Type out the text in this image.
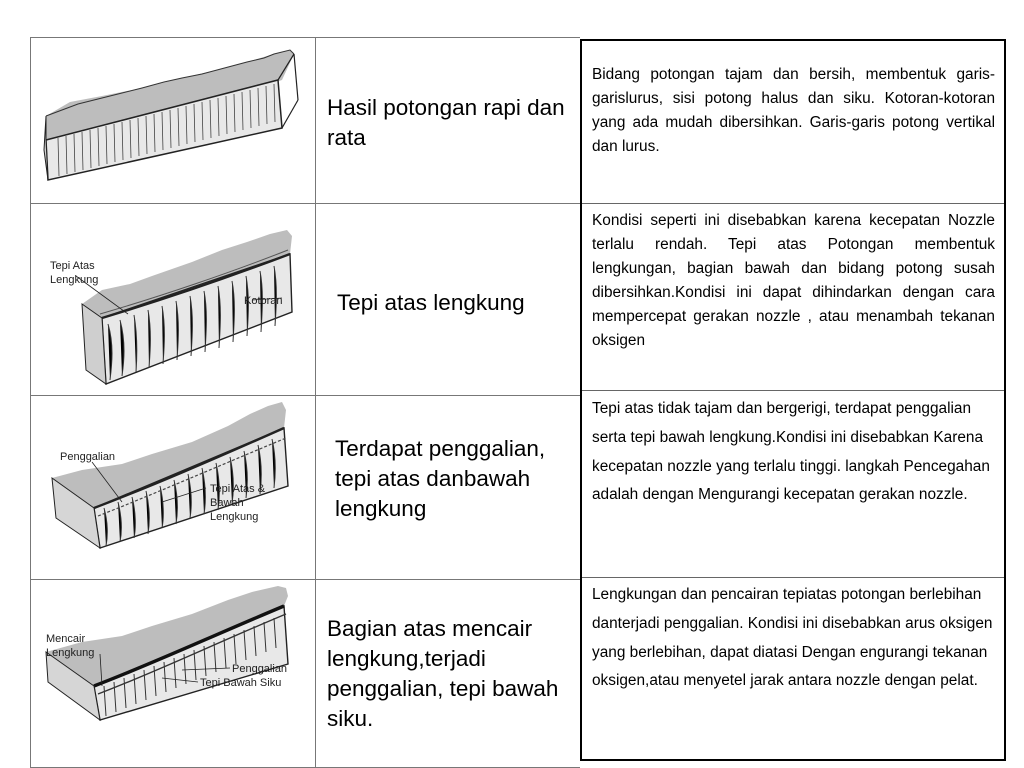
Hasil potongan rapi dan rata
Tepi Atas
Lengkung
Kotoran Tepi atas lengkung
Penggalian
Tepi Atas &
Bawah
Lengkung
Terdapat penggalian, tepi atas danbawah lengkung
Mencair
Lengkung
Penggalian
Tepi Bawah Siku
Bagian atas mencair lengkung,terjadi penggalian, tepi bawah siku.
Bidang potongan tajam dan bersih, membentuk garis-garislurus, sisi potong halus dan siku. Kotoran-kotoran yang ada mudah dibersihkan. Garis-garis potong vertikal dan lurus.
Kondisi seperti ini disebabkan karena kecepatan Nozzle terlalu rendah. Tepi atas Potongan membentuk lengkungan, bagian bawah dan bidang potong susah dibersihkan.Kondisi ini dapat dihindarkan dengan cara mempercepat gerakan nozzle , atau menambah tekanan oksigen
Tepi atas tidak tajam dan bergerigi, terdapat penggalian serta tepi bawah lengkung.Kondisi ini disebabkan Karena kecepatan nozzle yang terlalu tinggi. langkah Pencegahan adalah dengan Mengurangi kecepatan gerakan nozzle.
Lengkungan dan pencairan tepiatas potongan berlebihan danterjadi penggalian. Kondisi ini disebabkan arus oksigen yang berlebihan, dapat diatasi Dengan engurangi tekanan oksigen,atau menyetel jarak antara nozzle dengan pelat.
